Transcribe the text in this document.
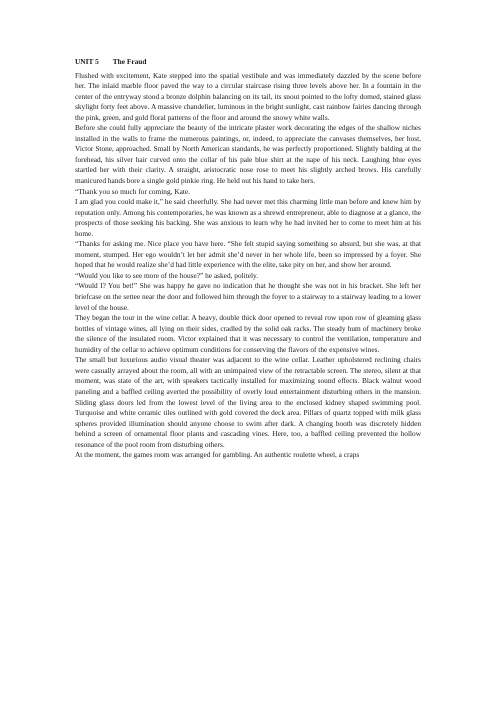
UNIT 5 The Fraud

Flushed with excitement, Kate stepped into the spatial vestibule and was immediately dazzled by the scene before her. The inlaid marble floor paved the way to a circular staircase rising three levels above her. In a fountain in the center of the entryway stood a bronze dolphin balancing on its tail, its snout pointed to the lofty domed, stained glass skylight forty feet above. A massive chandelier, luminous in the bright sunlight, cast rainbow fairies dancing through the pink, green, and gold floral patterns of the floor and around the snowy white walls.

Before she could fully appreciate the beauty of the intricate plaster work decorating the edges of the shallow niches installed in the walls to frame the numerous paintings, or, indeed, to appreciate the canvases themselves, her host, Victor Stone, approached. Small by North American standards, he was perfectly proportioned. Slightly balding at the forehead, his silver hair curved onto the collar of his pale blue shirt at the nape of his neck. Laughing blue eyes startled her with their clarity. A straight, aristocratic nose rose to meet his slightly arched brows. His carefully manicured hands bore a single gold pinkie ring. He held out his hand to take hers.

“Thank you so much for coming, Kate.

I am glad you could make it,” he said cheerfully. She had never met this charming little man before and knew him by reputation only. Among his contemporaries, he was known as a shrewd entrepreneur, able to diagnose at a glance, the prospects of those seeking his backing. She was anxious to learn why he had invited her to come to meet him at his home.

“Thanks for asking me. Nice place you have here. “She felt stupid saying something so absurd, but she was, at that moment, stumped. Her ego wouldn’t let her admit she’d never in her whole life, been so impressed by a foyer. She hoped that he would realize she’d had little experience with the elite, take pity on her, and show her around.

“Would you like to see more of the house?” he asked, politely.

“Would I? You bet!” She was happy he gave no indication that he thought she was not in his bracket. She left her briefcase on the settee near the door and followed him through the foyer to a stairway to a stairway leading to a lower level of the house.

They began the tour in the wine cellar. A heavy, double thick door opened to reveal row upon row of gleaming glass bottles of vintage wines, all lying on their sides, cradled by the solid oak racks. The steady hum of machinery broke the silence of the insulated room. Victor explained that it was necessary to control the ventilation, temperature and humidity of the cellar to achieve optimum conditions for conserving the flavors of the expensive wines.

The small but luxurious audio visual theater was adjacent to the wine cellar. Leather upholstered reclining chairs were casually arrayed about the room, all with an unimpaired view of the retractable screen. The stereo, silent at that moment, was state of the art, with speakers tactically installed for maximizing sound effects. Black walnut wood paneling and a baffled ceiling averted the possibility of overly loud entertainment disturbing others in the mansion. Sliding glass doors led from the lowest level of the living area to the enclosed kidney shaped swimming pool. Turquoise and white ceramic tiles outlined with gold covered the deck area. Pillars of quartz topped with milk glass spheres provided illumination should anyone choose to swim after dark. A changing booth was discretely hidden behind a screen of ornamental floor plants and cascading vines. Here, too, a baffled ceiling prevented the hollow resonance of the pool room from disturbing others.

At the moment, the games room was arranged for gambling. An authentic roulette wheel, a craps
